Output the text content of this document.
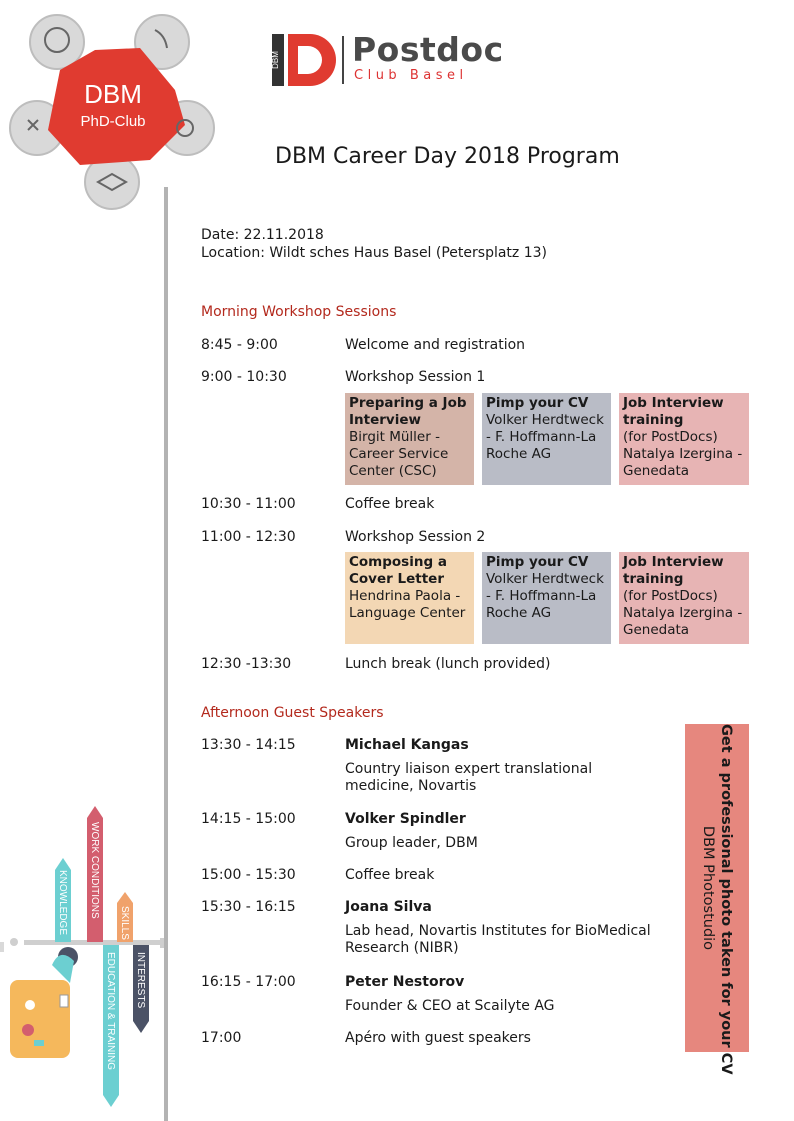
DBM
PhD-Club
DBM Postdoc
Club Basel
DBM Career Day 2018 Program
Date: 22.11.2018
Location: Wildt sches Haus Basel (Petersplatz 13)
Morning Workshop Sessions
8:45 - 9:00	Welcome and registration
9:00 - 10:30	Workshop Session 1
Preparing a Job Interview
Birgit Müller - Career Service Center (CSC)
Pimp your CV
Volker Herdtweck - F. Hoffmann-La Roche AG
Job Interview training
(for PostDocs) Natalya Izergina - Genedata
10:30 - 11:00	Coffee break
11:00 - 12:30	Workshop Session 2
Composing a Cover Letter
Hendrina Paola - Language Center
Pimp your CV
Volker Herdtweck - F. Hoffmann-La Roche AG
Job Interview training
(for PostDocs) Natalya Izergina - Genedata
12:30 -13:30	Lunch break (lunch provided)
Afternoon Guest Speakers
13:30 - 14:15	Michael Kangas
Country liaison expert translational medicine, Novartis
14:15 - 15:00	Volker Spindler
Group leader, DBM
15:00 - 15:30	Coffee break
15:30 - 16:15	Joana Silva
Lab head, Novartis Institutes for BioMedical Research (NIBR)
16:15 - 17:00	Peter Nestorov
Founder & CEO at Scailyte AG
17:00	Apéro with guest speakers	Get a professional photo taken for your CV
DBM Photostudio
KNOWLEDGE WORK CONDITIONS
SKILLS
EDUCATION & TRAINING INTERESTS
